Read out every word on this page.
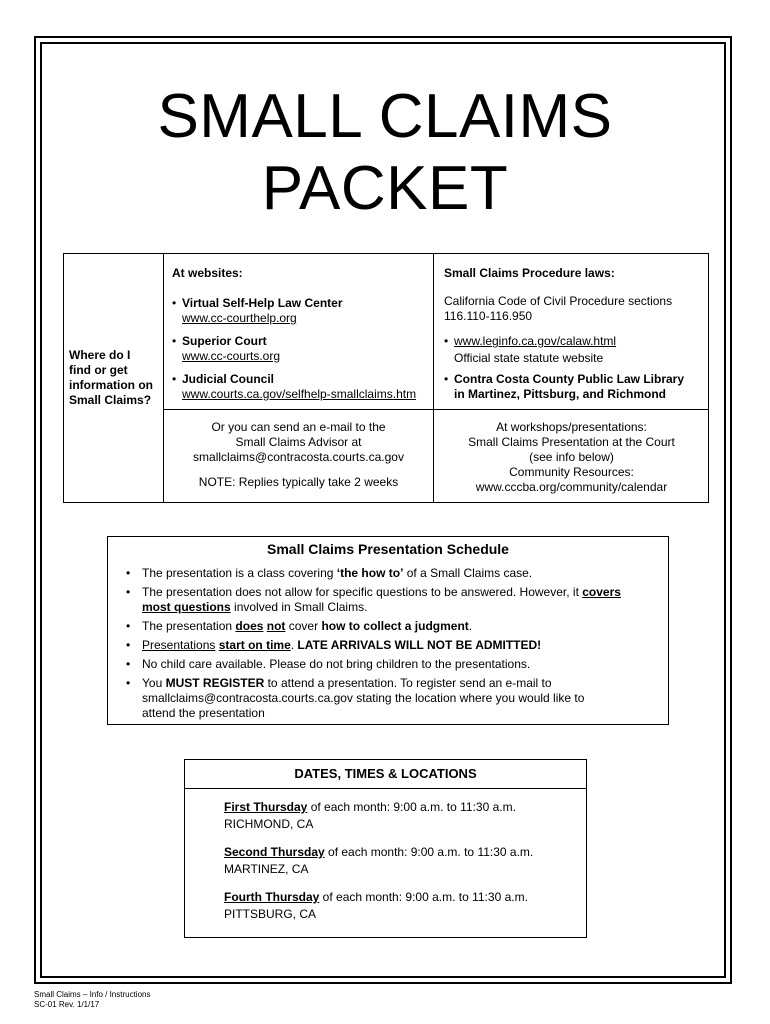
SMALL CLAIMS
PACKET
Where do I
find or get
information on
Small Claims?
At websites:
• Virtual Self-Help Law Center
www.cc-courthelp.org
• Superior Court
www.cc-courts.org
• Judicial Council
www.courts.ca.gov/selfhelp-smallclaims.htm
Small Claims Procedure laws:
California Code of Civil Procedure sections
116.110-116.950
• www.leginfo.ca.gov/calaw.html
Official state statute website
• Contra Costa County Public Law Library
in Martinez, Pittsburg, and Richmond
Or you can send an e-mail to the
Small Claims Advisor at
smallclaims@contracosta.courts.ca.gov
NOTE: Replies typically take 2 weeks
At workshops/presentations:
Small Claims Presentation at the Court
(see info below)
Community Resources:
www.cccba.org/community/calendar
Small Claims Presentation Schedule
• The presentation is a class covering ‘the how to’ of a Small Claims case.
• The presentation does not allow for specific questions to be answered. However, it covers
most questions involved in Small Claims.
• The presentation does not cover how to collect a judgment.
• Presentations start on time. LATE ARRIVALS WILL NOT BE ADMITTED!
• No child care available. Please do not bring children to the presentations.
• You MUST REGISTER to attend a presentation. To register send an e-mail to
smallclaims@contracosta.courts.ca.gov stating the location where you would like to
attend the presentation
DATES, TIMES & LOCATIONS
First Thursday of each month: 9:00 a.m. to 11:30 a.m.
RICHMOND, CA
Second Thursday of each month: 9:00 a.m. to 11:30 a.m.
MARTINEZ, CA
Fourth Thursday of each month: 9:00 a.m. to 11:30 a.m.
PITTSBURG, CA
Small Claims – Info / Instructions
SC-01 Rev. 1/1/17
